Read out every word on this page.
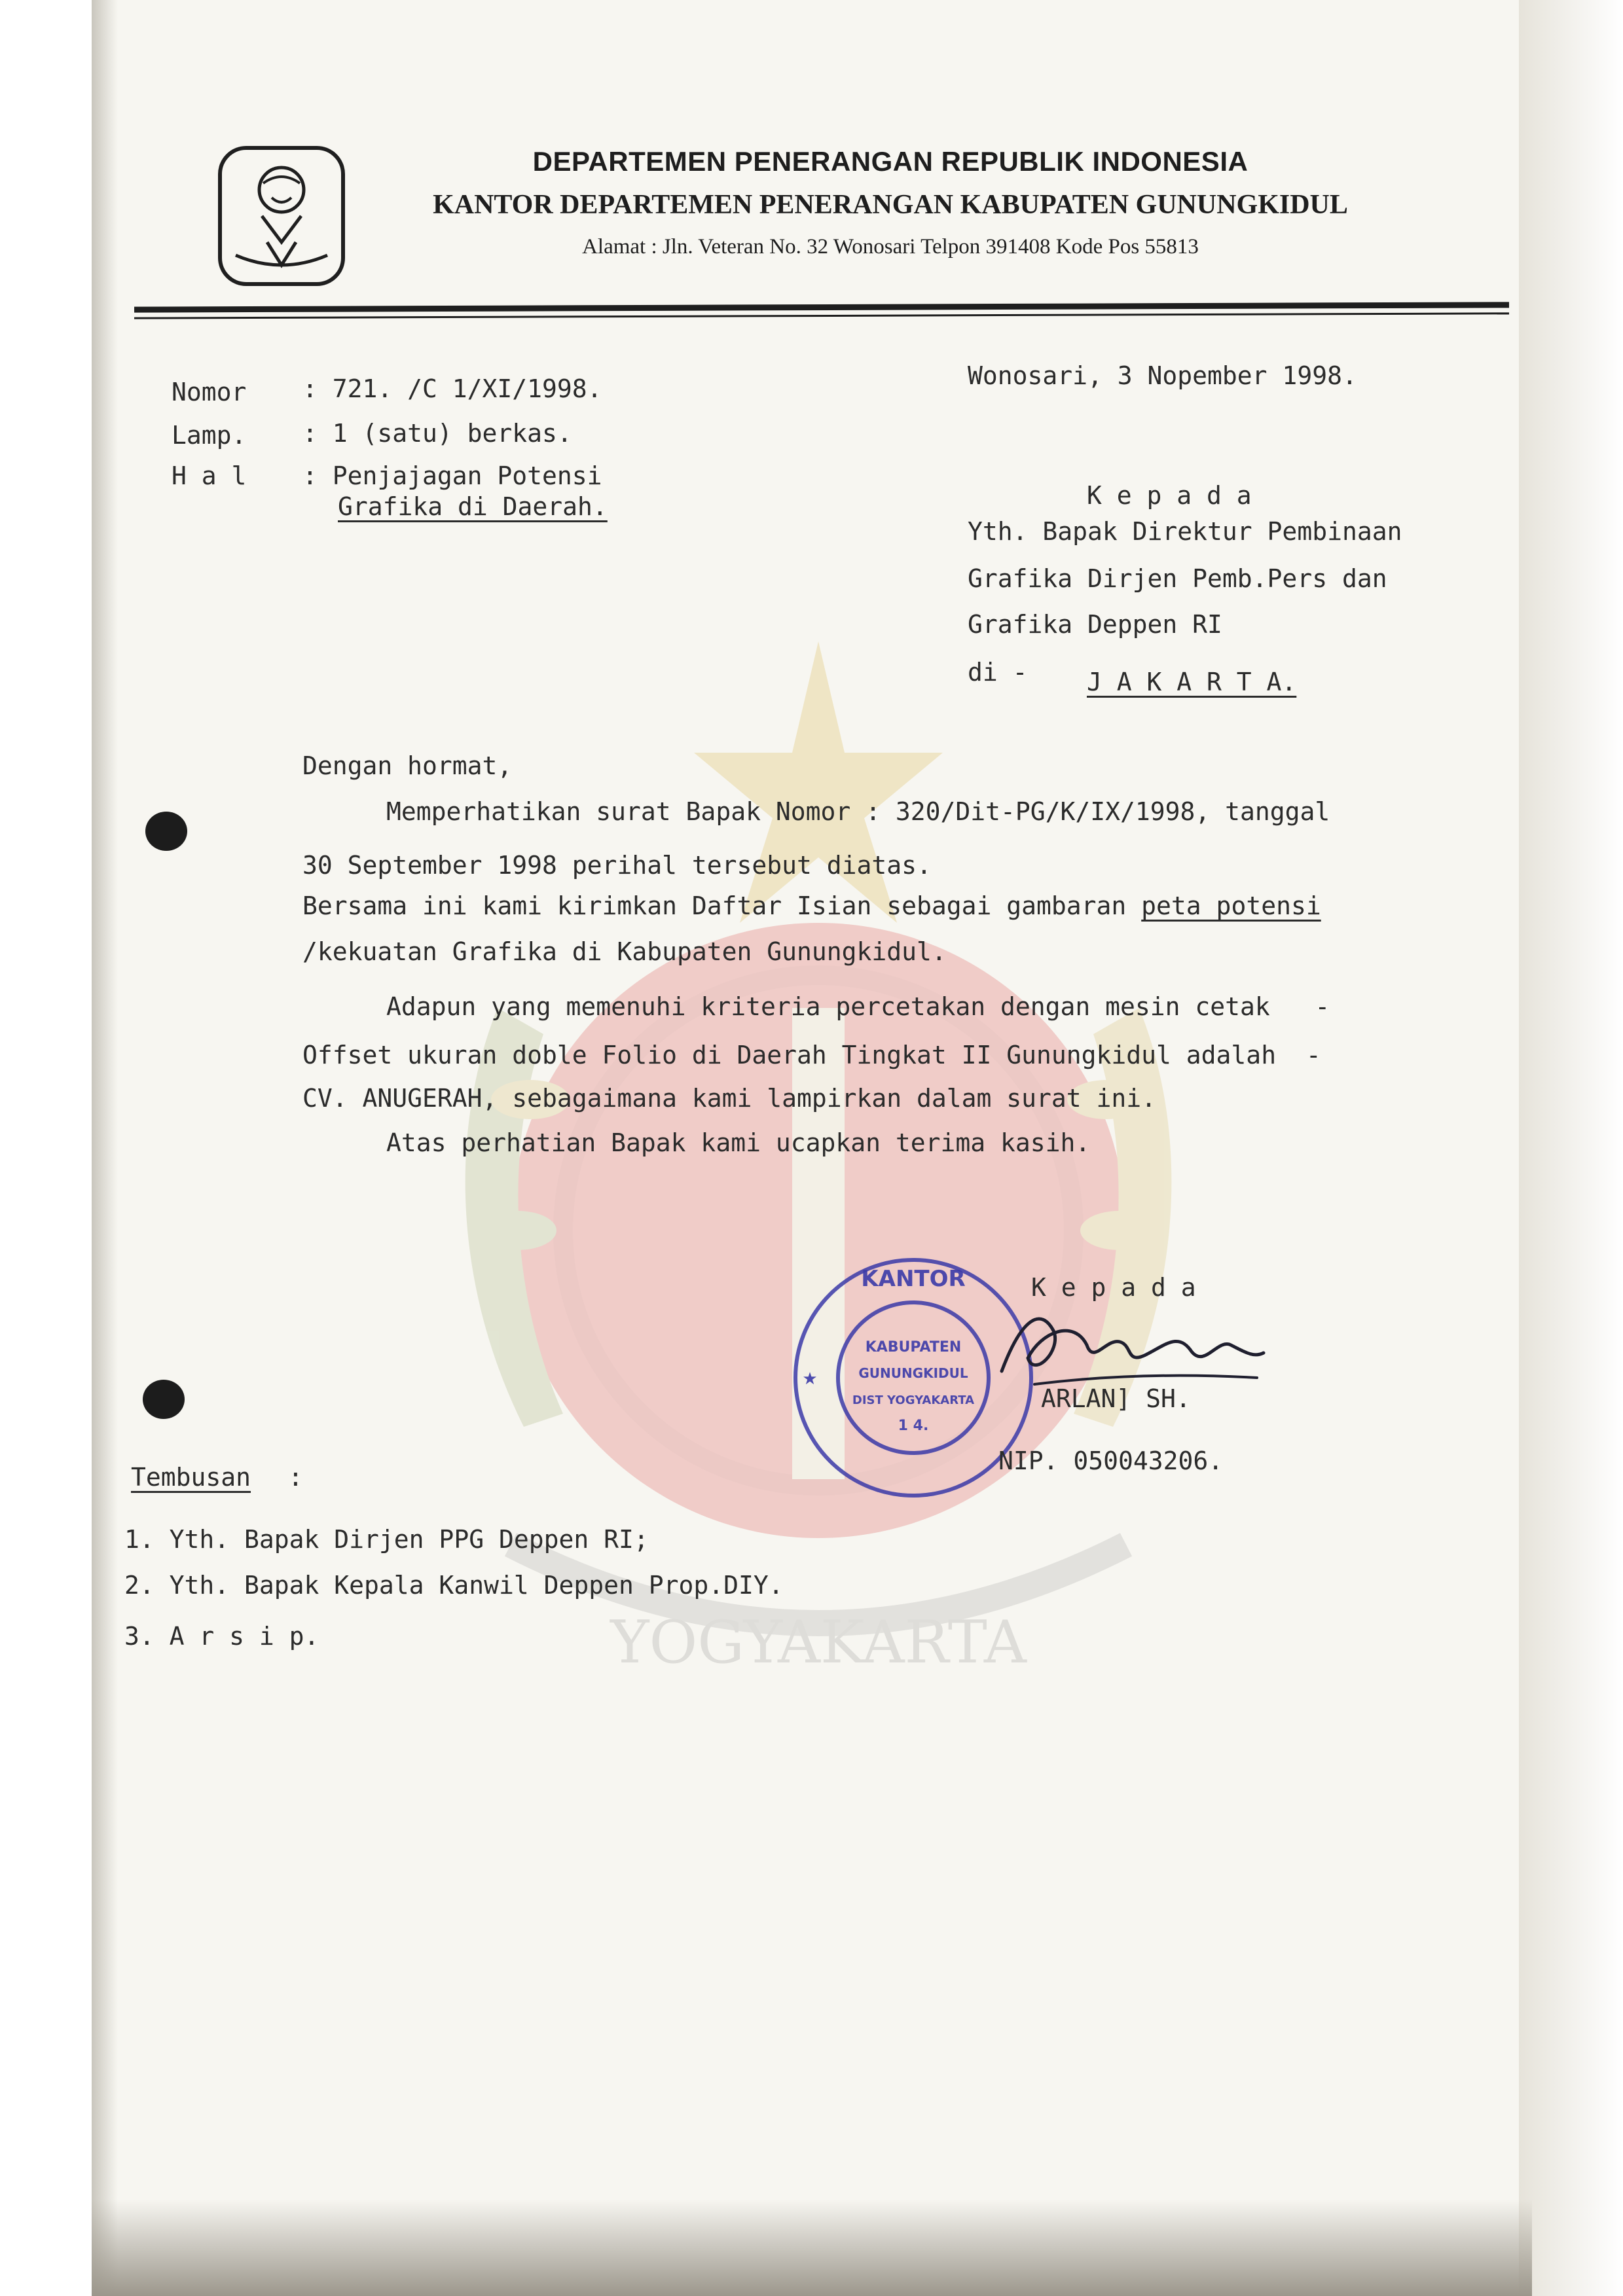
YOGYAKARTA
DEPARTEMEN PENERANGAN REPUBLIK INDONESIA
KANTOR DEPARTEMEN PENERANGAN KABUPATEN GUNUNGKIDUL
Alamat : Jln. Veteran No. 32 Wonosari Telpon 391408 Kode Pos 55813
Nomor : 721. /C 1/XI/1998.
Lamp. : 1 (satu) berkas.
H a l : Penjajagan Potensi
Grafika di Daerah.
Wonosari, 3 Nopember 1998.
K e p a d a
Yth. Bapak Direktur Pembinaan
Grafika Dirjen Pemb.Pers dan
Grafika Deppen RI
di - J A K A R T A.
Dengan hormat,
Memperhatikan surat Bapak Nomor : 320/Dit-PG/K/IX/1998, tanggal
30 September 1998 perihal tersebut diatas.
Bersama ini kami kirimkan Daftar Isian sebagai gambaran peta potensi
/kekuatan Grafika di Kabupaten Gunungkidul.
Adapun yang memenuhi kriteria percetakan dengan mesin cetak   -
Offset ukuran doble Folio di Daerah Tingkat II Gunungkidul adalah  -
CV. ANUGERAH, sebagaimana kami lampirkan dalam surat ini.
Atas perhatian Bapak kami ucapkan terima kasih.
KANTOR
KABUPATEN
GUNUNGKIDUL
DIST YOGYAKARTA
1 4.
★
K e p a d a
ARLAN] SH.
NIP. 050043206.
Tembusan :
1. Yth. Bapak Dirjen PPG Deppen RI;
2. Yth. Bapak Kepala Kanwil Deppen Prop.DIY.
3. A r s i p.
